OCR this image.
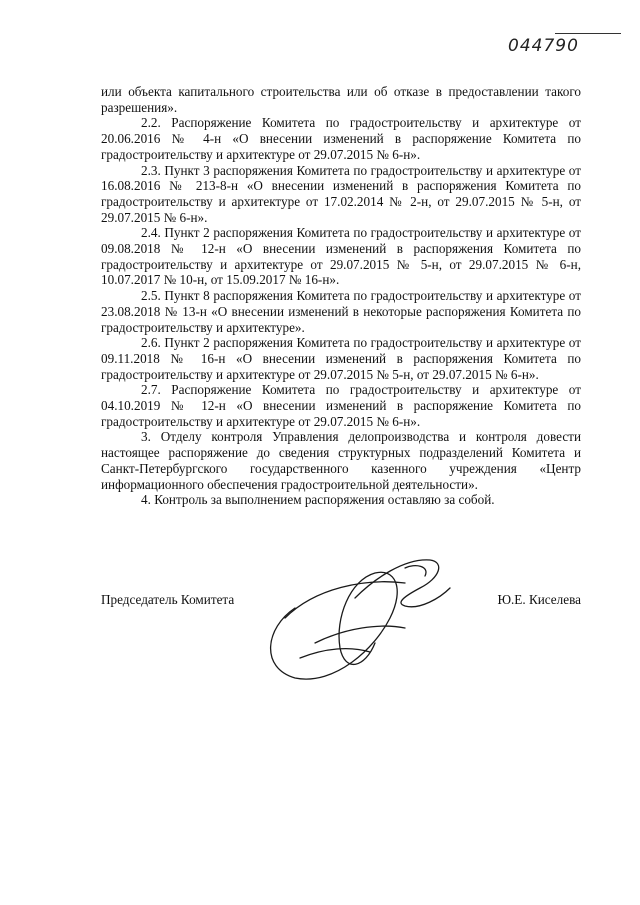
044790

или объекта капитального строительства или об отказе в предоставлении такого разрешения».

2.2. Распоряжение Комитета по градостроительству и архитектуре от 20.06.2016 № 4-н «О внесении изменений в распоряжение Комитета по градостроительству и архитектуре от 29.07.2015 № 6-н».

2.3. Пункт 3 распоряжения Комитета по градостроительству и архитектуре от 16.08.2016 № 213-8-н «О внесении изменений в распоряжения Комитета по градостроительству и архитектуре от 17.02.2014 № 2-н, от 29.07.2015 № 5-н, от 29.07.2015 № 6-н».

2.4. Пункт 2 распоряжения Комитета по градостроительству и архитектуре от 09.08.2018 № 12-н «О внесении изменений в распоряжения Комитета по градостроительству и архитектуре от 29.07.2015 № 5-н, от 29.07.2015 № 6-н, 10.07.2017 № 10-н, от 15.09.2017 № 16-н».

2.5. Пункт 8 распоряжения Комитета по градостроительству и архитектуре от 23.08.2018 № 13-н «О внесении изменений в некоторые распоряжения Комитета по градостроительству и архитектуре».

2.6. Пункт 2 распоряжения Комитета по градостроительству и архитектуре от 09.11.2018 № 16-н «О внесении изменений в распоряжения Комитета по градостроительству и архитектуре от 29.07.2015 № 5-н, от 29.07.2015 № 6-н».

2.7. Распоряжение Комитета по градостроительству и архитектуре от 04.10.2019 № 12-н «О внесении изменений в распоряжение Комитета по градостроительству и архитектуре от 29.07.2015 № 6-н».

3. Отделу контроля Управления делопроизводства и контроля довести настоящее распоряжение до сведения структурных подразделений Комитета и Санкт-Петербургского государственного казенного учреждения «Центр информационного обеспечения градостроительной деятельности».

4. Контроль за выполнением распоряжения оставляю за собой.

Председатель Комитета	Ю.Е. Киселева
